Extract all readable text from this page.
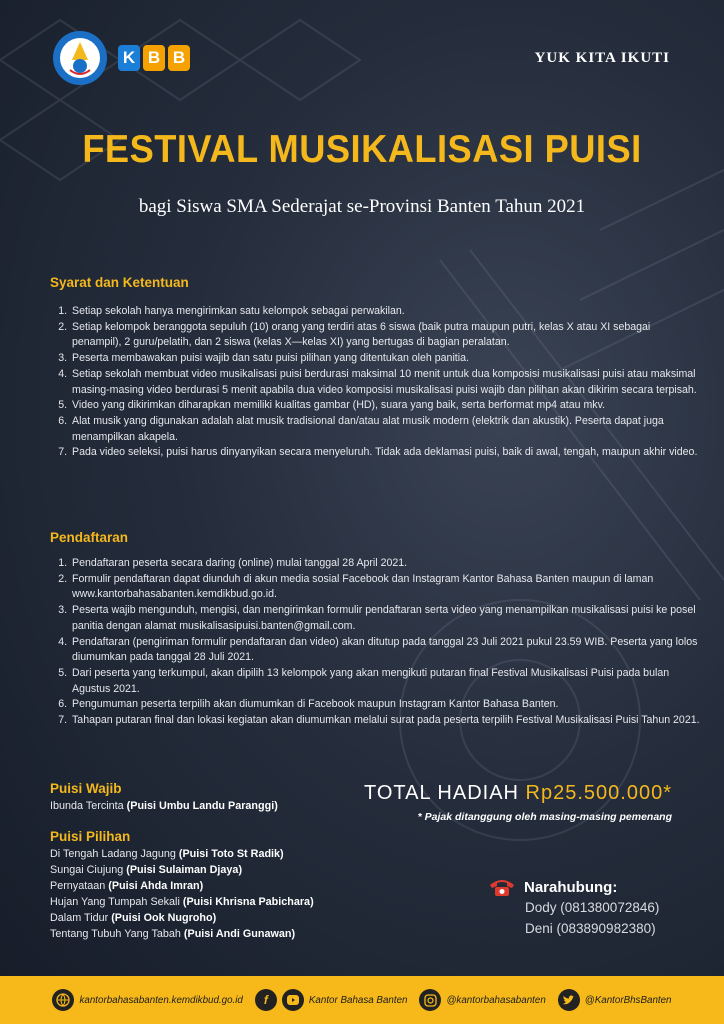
K B B	YUK KITA IKUTI
FESTIVAL MUSIKALISASI PUISI
bagi Siswa SMA Sederajat se-Provinsi Banten Tahun 2021
Syarat dan Ketentuan
1. Setiap sekolah hanya mengirimkan satu kelompok sebagai perwakilan.
2. Setiap kelompok beranggota sepuluh (10) orang yang terdiri atas 6 siswa (baik putra maupun putri, kelas X atau XI sebagai penampil), 2 guru/pelatih, dan 2 siswa (kelas X—kelas XI) yang bertugas di bagian peralatan.
3. Peserta membawakan puisi wajib dan satu puisi pilihan yang ditentukan oleh panitia.
4. Setiap sekolah membuat video musikalisasi puisi berdurasi maksimal 10 menit untuk dua komposisi musikalisasi puisi atau maksimal masing-masing video berdurasi 5 menit apabila dua video komposisi musikalisasi puisi wajib dan pilihan akan dikirim secara terpisah.
5. Video yang dikirimkan diharapkan memiliki kualitas gambar (HD), suara yang baik, serta berformat mp4 atau mkv.
6. Alat musik yang digunakan adalah alat musik tradisional dan/atau alat musik modern (elektrik dan akustik). Peserta dapat juga menampilkan akapela.
7. Pada video seleksi, puisi harus dinyanyikan secara menyeluruh. Tidak ada deklamasi puisi, baik di awal, tengah, maupun akhir video.
Pendaftaran
1. Pendaftaran peserta secara daring (online) mulai tanggal 28 April 2021.
2. Formulir pendaftaran dapat diunduh di akun media sosial Facebook dan Instagram Kantor Bahasa Banten maupun di laman www.kantorbahasabanten.kemdikbud.go.id.
3. Peserta wajib mengunduh, mengisi, dan mengirimkan formulir pendaftaran serta video yang menampilkan musikalisasi puisi ke posel panitia dengan alamat musikalisasipuisi.banten@gmail.com.
4. Pendaftaran (pengiriman formulir pendaftaran dan video) akan ditutup pada tanggal 23 Juli 2021 pukul 23.59 WIB. Peserta yang lolos diumumkan pada tanggal 28 Juli 2021.
5. Dari peserta yang terkumpul, akan dipilih 13 kelompok yang akan mengikuti putaran final Festival Musikalisasi Puisi pada bulan Agustus 2021.
6. Pengumuman peserta terpilih akan diumumkan di Facebook maupun Instagram Kantor Bahasa Banten.
7. Tahapan putaran final dan lokasi kegiatan akan diumumkan melalui surat pada peserta terpilih Festival Musikalisasi Puisi Tahun 2021.
Puisi Wajib
Ibunda Tercinta (Puisi Umbu Landu Paranggi)
Puisi Pilihan
Di Tengah Ladang Jagung (Puisi Toto St Radik)
Sungai Ciujung (Puisi Sulaiman Djaya)
Pernyataan (Puisi Ahda Imran)
Hujan Yang Tumpah Sekali (Puisi Khrisna Pabichara)
Dalam Tidur (Puisi Ook Nugroho)
Tentang Tubuh Yang Tabah (Puisi Andi Gunawan)
TOTAL HADIAH Rp25.500.000*
* Pajak ditanggung oleh masing-masing pemenang
Narahubung:
Dody (081380072846)
Deni (083890982380)
kantorbahasabanten.kemdikbud.go.id	f	Kantor Bahasa Banten	@kantorbahasabanten	@KantorBhsBanten
